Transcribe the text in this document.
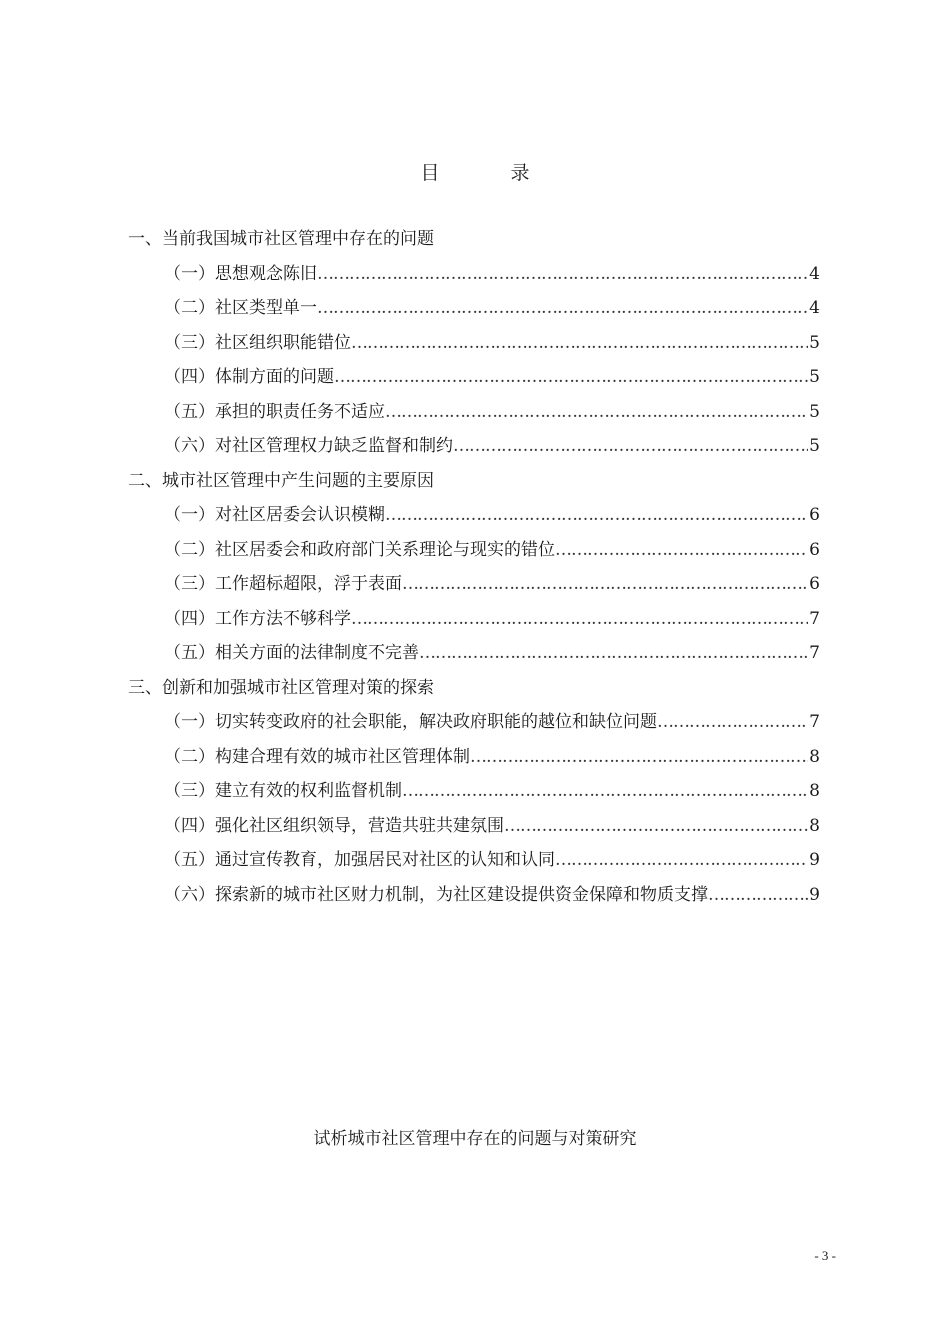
目　录
一、当前我国城市社区管理中存在的问题
（一）思想观念陈旧 …………………………………………………………………………………………………………………………………………………………	4
（二）社区类型单一 …………………………………………………………………………………………………………………………………………………………	4
（三）社区组织职能错位 …………………………………………………………………………………………………………………………………………………………	5
（四）体制方面的问题 …………………………………………………………………………………………………………………………………………………………	5
（五）承担的职责任务不适应 …………………………………………………………………………………………………………………………………………………………	5
（六）对社区管理权力缺乏监督和制约 …………………………………………………………………………………………………………………………………………………………	5
二、城市社区管理中产生问题的主要原因
（一）对社区居委会认识模糊 …………………………………………………………………………………………………………………………………………………………	6
（二）社区居委会和政府部门关系理论与现实的错位 …………………………………………………………………………………………………………………………………………………………	6
（三）工作超标超限，浮于表面 …………………………………………………………………………………………………………………………………………………………	6
（四）工作方法不够科学 …………………………………………………………………………………………………………………………………………………………	7
（五）相关方面的法律制度不完善 …………………………………………………………………………………………………………………………………………………………	7
三、创新和加强城市社区管理对策的探索
（一）切实转变政府的社会职能，解决政府职能的越位和缺位问题 …………………………………………………………………………………………………………………………………………………………	7
（二）构建合理有效的城市社区管理体制 …………………………………………………………………………………………………………………………………………………………	8
（三）建立有效的权利监督机制 …………………………………………………………………………………………………………………………………………………………	8
（四）强化社区组织领导，营造共驻共建氛围 …………………………………………………………………………………………………………………………………………………………	8
（五）通过宣传教育，加强居民对社区的认知和认同 …………………………………………………………………………………………………………………………………………………………	9
（六）探索新的城市社区财力机制，为社区建设提供资金保障和物质支撑 …………………………………………………………………………………………………………………………………………………………	9
试析城市社区管理中存在的问题与对策研究
- 3 -
